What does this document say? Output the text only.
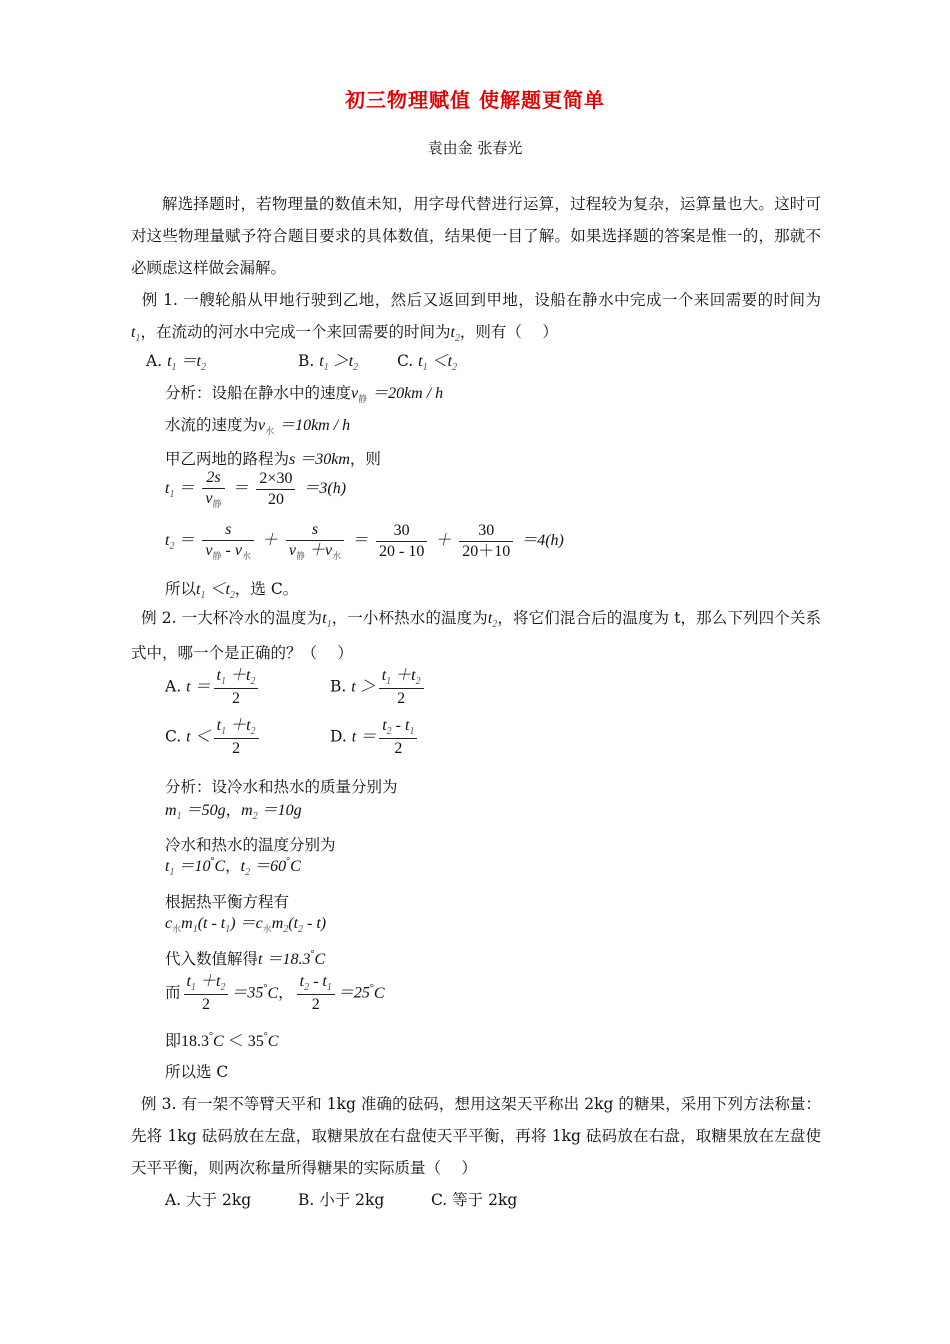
初三物理赋值 使解题更简单
袁由金 张春光
解选择题时，若物理量的数值未知，用字母代替进行运算，过程较为复杂，运算量也大。这时可对这些物理量赋予符合题目要求的具体数值，结果便一目了解。如果选择题的答案是惟一的，那就不必顾虑这样做会漏解。
例 1. 一艘轮船从甲地行驶到乙地，然后又返回到甲地，设船在静水中完成一个来回需要的时间为$t_1$，在流动的河水中完成一个来回需要的时间为$t_2$，则有（　 ）
A. $t_1 =t_2$	B. $t_1 >t_2$	C. $t_1 <t_2$
分析：设船在静水中的速度$v_静 =20km / h$
水流的速度为$v_水 =10km / h$
甲乙两地的路程为s ＝30km，则
$t_1 = \frac{2s}{v_静} = \frac{2\times 30}{20} =3(h)$
$t_2 = \frac{s}{v_静 - v_水} + \frac{s}{v_静 +v_水} = \frac{30}{20 - 10} + \frac{30}{20+10} =4(h)$
所以$t_1 <t_2$，选 C。
例 2. 一大杯冷水的温度为$t_1$，一小杯热水的温度为$t_2$，将它们混合后的温度为 t，那么下列四个关系式中，哪一个是正确的？（　 ）
A. $t = \frac{t_1 +t_2}{2}$	B. $t > \frac{t_1 +t_2}{2}$
C. $t < \frac{t_1 +t_2}{2}$	D. $t = \frac{t_2 - t_1}{2}$
分析：设冷水和热水的质量分别为
$m_1 =50g$，$m_2 =10g$
冷水和热水的温度分别为
$t_1 =10^\circ C$，$t_2 =60^\circ C$
根据热平衡方程有
$c_水m_1(t - t_1) =c_水m_2(t_2 - t)$
代入数值解得t ＝18.3°C
而 $\frac{t_1 +t_2}{2} =35^\circ C$， $\frac{t_2 - t_1}{2} =25^\circ C$
即18.3°C ＜ 35°C
所以选 C
例 3. 有一架不等臂天平和 1kg 准确的砝码，想用这架天平称出 2kg 的糖果，采用下列方法称量：先将 1kg 砝码放在左盘，取糖果放在右盘使天平平衡，再将 1kg 砝码放在右盘，取糖果放在左盘使天平平衡，则两次称量所得糖果的实际质量（　 ）
A. 大于 2kg	B. 小于 2kg	C. 等于 2kg
